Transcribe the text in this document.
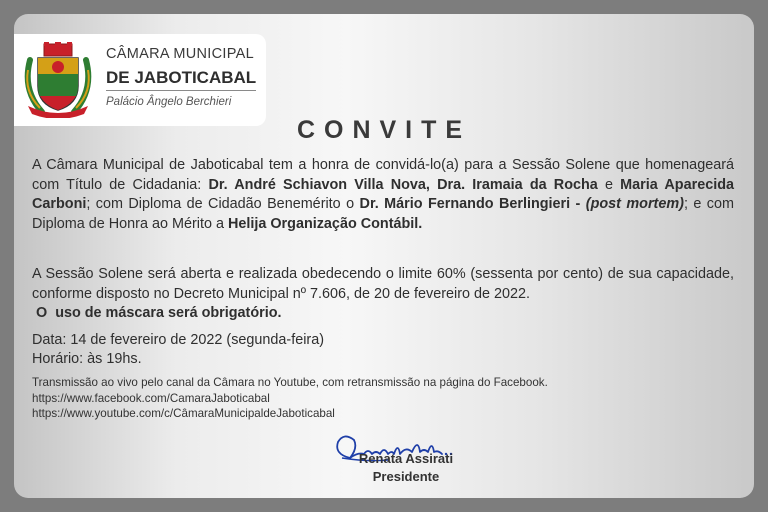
CÂMARA MUNICIPAL
DE JABOTICABAL
Palácio Ângelo Berchieri
CONVITE
A Câmara Municipal de Jaboticabal tem a honra de convidá-lo(a) para a Sessão Solene que homenageará com Título de Cidadania: Dr. André Schiavon Villa Nova, Dra. Iramaia da Rocha e Maria Aparecida Carboni; com Diploma de Cidadão Benemérito o Dr. Mário Fernando Berlingieri - (post mortem); e com Diploma de Honra ao Mérito a Helija Organização Contábil.
A Sessão Solene será aberta e realizada obedecendo o limite 60% (sessenta por cento) de sua capacidade, conforme disposto no Decreto Municipal nº 7.606, de 20 de fevereiro de 2022.
O  uso de máscara será obrigatório.
Data: 14 de fevereiro de 2022 (segunda-feira)
Horário: às 19hs.
Transmissão ao vivo pelo canal da Câmara no Youtube, com retransmissão na página do Facebook.
https://www.facebook.com/CamaraJaboticabal
https://www.youtube.com/c/CâmaraMunicipaldeJaboticabal
Renata Assirati
Presidente
